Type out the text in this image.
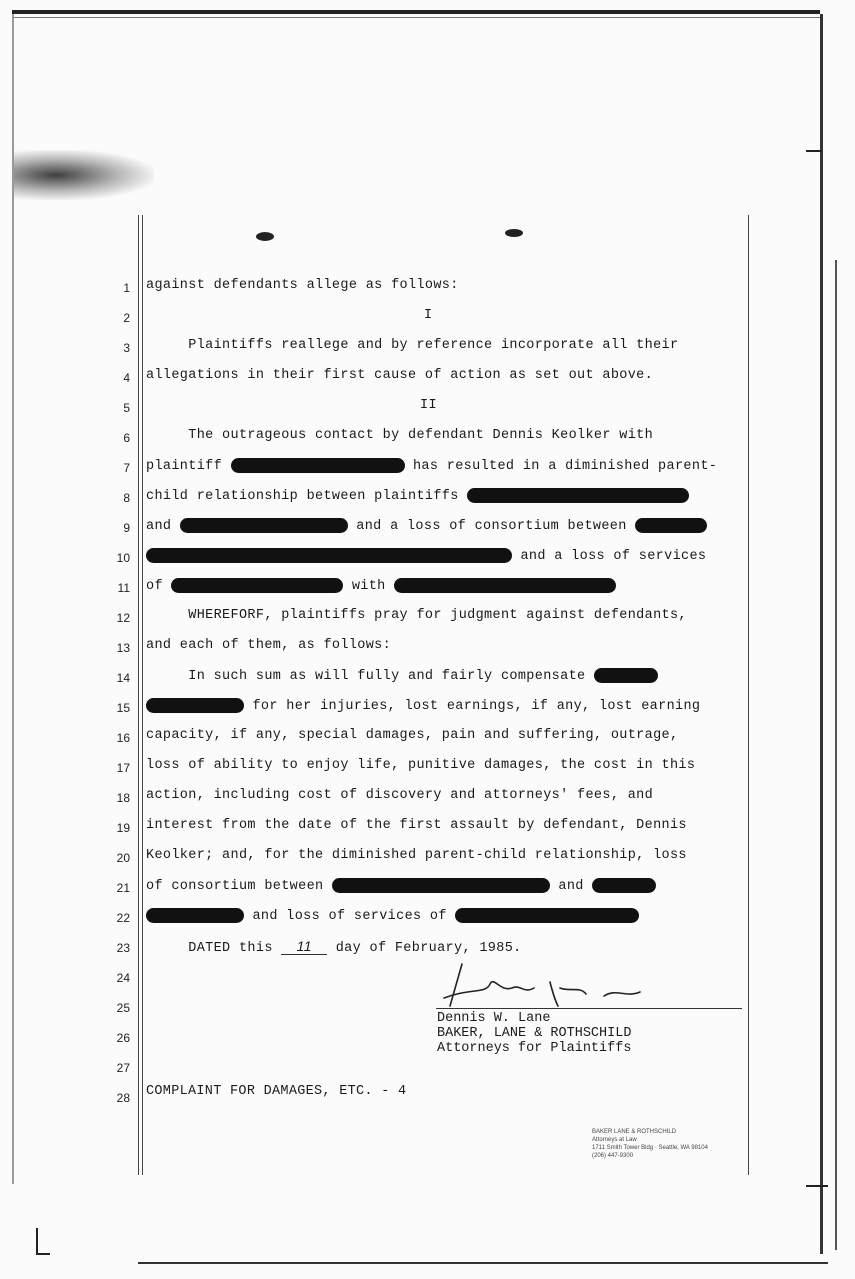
1
2
3
4
5
6
7
8
9
10
11
12
13
14
15
16
17
18
19
20
21
22
23
24
25
26
27
28
against defendants allege as follows:
I
Plaintiffs reallege and by reference incorporate all their
allegations in their first cause of action as set out above.
II
The outrageous contact by defendant Dennis Keolker with
plaintiff	has resulted in a diminished parent-
child relationship between plaintiffs
and	and a loss of consortium between
and a loss of services
of	with
WHEREFORF, plaintiffs pray for judgment against defendants,
and each of them, as follows:
In such sum as will fully and fairly compensate
for her injuries, lost earnings, if any, lost earning
capacity, if any, special damages, pain and suffering, outrage,
loss of ability to enjoy life, punitive damages, the cost in this
action, including cost of discovery and attorneys' fees, and
interest from the date of the first assault by defendant, Dennis
Keolker; and, for the diminished parent-child relationship, loss
of consortium between	and
and loss of services of
DATED this 11 day of February, 1985.
Dennis W. Lane
BAKER, LANE & ROTHSCHILD
Attorneys for Plaintiffs
COMPLAINT FOR DAMAGES, ETC. - 4
BAKER LANE & ROTHSCHILD
Attorneys at Law
1711 Smith Tower Bldg · Seattle, WA 98104
(206) 447-9300
